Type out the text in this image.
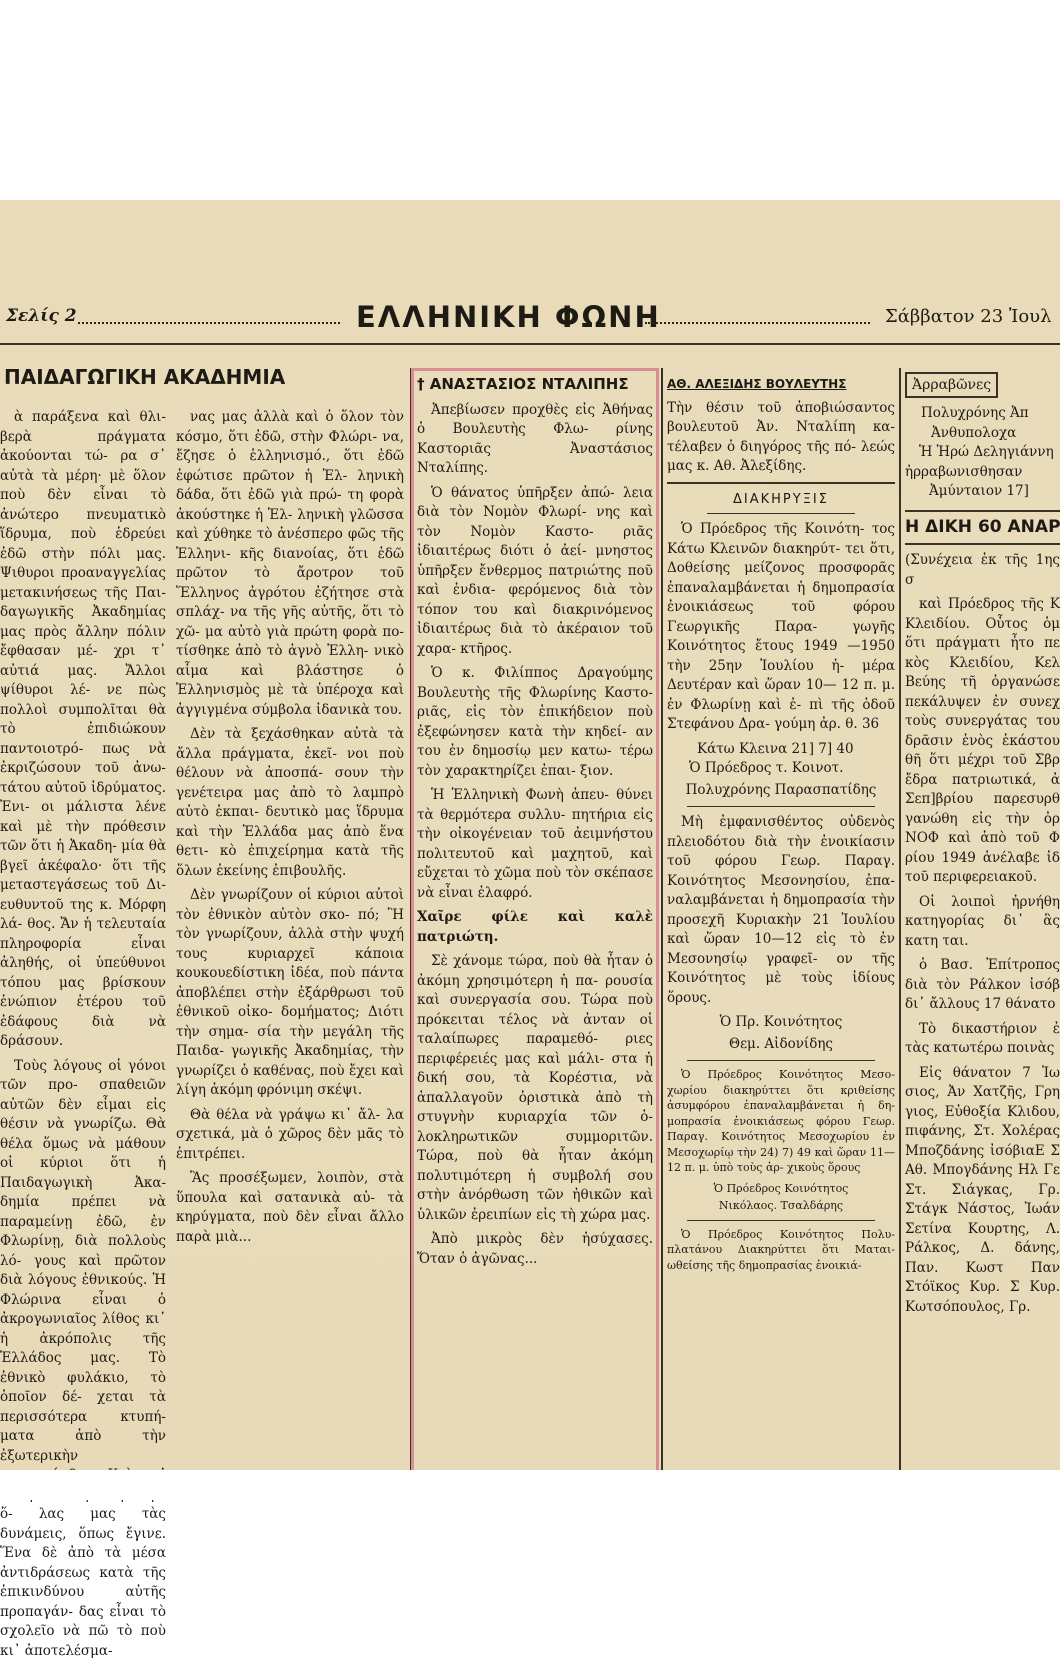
Σελίς 2	ΕΛΛΗΝΙΚΗ ΦΩΝΗ	Σάββατον 23 Ἰουλ
ΠΑΙΔΑΓΩΓΙΚΗ ΑΚΑΔΗΜΙΑ

ὰ παράξενα καὶ θλι- βερὰ πράγματα ἀκούονται τώ- ρα σ᾿ αὐτὰ τὰ μέρη· μὲ ὅλον ποὺ δὲν εἶναι τὸ ἀνώτερο πνευματικὸ ἵδρυμα, ποὺ ἑδρεύει ἐδῶ στὴν πόλι μας. Ψιθυροι προαναγγελίας μετακινήσεως τῆς Παι- δαγωγικῆς Ἀκαδημίας μας πρὸς ἄλλην πόλιν ἔφθασαν μέ- χρι τ᾿ αὐτιά μας. Ἄλλοι ψίθυροι λέ- νε πὼς πολλοὶ συμπολῖται θὰ τὸ ἐπιδιώκουν παντοιοτρό- πως νὰ ἐκριζώσουν τοῦ ἀνω- τάτου αὐτοῦ ἱδρύματος. Ἐνι- οι μάλιστα λένε καὶ μὲ τὴν πρόθεσιν τῶν ὅτι ἡ Ἀκαδη- μία θὰ βγεῖ ἀκέφαλο· ὅτι τῆς μεταστεγάσεως τοῦ Δι- ευθυντοῦ της κ. Μόρφη λά- θος. Ἄν ἡ τελευταία πληροφορία εἶναι ἀληθής, οἱ ὑπεύθυνοι τόπου μας βρίσκουν ἐνώπιον ἑτέρου τοῦ ἐδάφους διὰ νὰ δράσουν.

Τοὺς λόγους οἱ γόνοι τῶν προ- σπαθειῶν αὐτῶν δὲν εἶμαι εἰς θέσιν νὰ γνωρίζω. Θὰ θέλα ὅμως νὰ μάθουν οἱ κύριοι ὅτι ἡ Παιδαγωγικὴ Ἀκα- δημία πρέπει νὰ παραμείνῃ ἐδῶ, ἐν Φλωρίνῃ, διὰ πολλοὺς λό- γους καὶ πρῶτον διὰ λόγους ἐθνικούς. Ἡ Φλώρινα εἶναι ὁ ἀκρογωνιαῖος λίθος κι᾿ ἡ ἀκρόπολις τῆς Ἑλλάδος μας. Τὸ ἐθνικὸ φυλάκιο, τὸ ὁποῖον δέ- χεται τὰ περισσότερα κτυπή- ματα ἀπὸ τὴν ἐξωτερικὴν ὅ- λας μας τὰς δυνάμεις, ὅπως ἔγινε. Ἕνα δὲ ἀπὸ τὰ μέσα ἀντιδράσεως κατὰ τῆς ἐπικινδύνου αὐτῆς προπαγάν- δας εἶναι τὸ σχολεῖο νὰ πῶ τὸ ποὺ κι᾿ ἀποτελέσμα-

νας μας ἀλλὰ καὶ ὁ ὅλον τὸν κόσμο, ὅτι ἐδῶ, στὴν Φλώρι- να, ἔζησε ὁ ἑλληνισμό., ὅτι ἐδῶ ἐφώτισε πρῶτον ἡ Ἑλ- ληνικὴ δάδα, ὅτι ἐδῶ γιὰ πρώ- τη φορὰ ἀκούστηκε ἡ Ἑλ- ληνικὴ γλῶσσα καὶ χύθηκε τὸ ἀνέσπερο φῶς τῆς Ἑλληνι- κῆς διανοίας, ὅτι ἐδῶ πρῶτον τὸ ἄροτρον τοῦ Ἕλληνος ἀγρότου ἐζήτησε στὰ σπλάχ- να τῆς γῆς αὐτῆς, ὅτι τὸ χῶ- μα αὐτὸ γιὰ πρώτη φορὰ πο- τίσθηκε ἀπὸ τὸ ἁγνὸ Ἑλλη- νικὸ αἷμα καὶ βλάστησε ὁ Ἑλληνισμὸς μὲ τὰ ὑπέροχα καὶ ἀγγιγμένα σύμβολα ἰδανικὰ του.

Δὲν τὰ ξεχάσθηκαν αὐτὰ τὰ ἄλλα πράγματα, ἐκεῖ- νοι ποὺ θέλουν νὰ ἀποσπά- σουν τὴν γενέτειρα μας ἀπὸ τὸ λαμπρὸ αὐτὸ ἐκπαι- δευτικὸ μας ἵδρυμα καὶ τὴν Ἑλλάδα μας ἀπὸ ἕνα θετι- κὸ ἐπιχείρημα κατὰ τῆς ὅλων ἐκείνης ἐπιβουλῆς.

Δὲν γνωρίζουν οἱ κύριοι αὐτοὶ τὸν ἐθνικὸν αὐτὸν σκο- πό; Ἢ τὸν γνωρίζουν, ἀλλὰ στὴν ψυχή τους κυριαρχεῖ κάποια κουκουεδίστικη ἰδέα, ποὺ πάντα ἀποβλέπει στὴν ἐξάρθρωσι τοῦ ἐθνικοῦ οἰκο- δομήματος; Διότι τὴν σημα- σία τὴν μεγάλη τῆς Παιδα- γωγικῆς Ἀκαδημίας, τὴν γνωρίζει ὁ καθένας, ποὺ ἔχει καὶ λίγη ἀκόμη φρόνιμη σκέψι.

Θὰ θέλα νὰ γράψω κι᾿ ἄλ- λα σχετικά, μὰ ὁ χῶρος δὲν μᾶς τὸ ἐπιτρέπει.

Ἂς προσέξωμεν, λοιπὸν, στὰ ὕπουλα καὶ σατανικὰ αὐ- τὰ κηρύγματα, ποὺ δὲν εἶναι ἄλλο παρὰ μιὰ...

† ΑΝΑΣΤΑΣΙΟΣ ΝΤΑΛΙΠΗΣ

Ἀπεβίωσεν προχθὲς εἰς Ἀθήνας ὁ Βουλευτὴς Φλω- ρίνης Καστοριᾶς Ἀναστάσιος Νταλίπης.

Ὁ θάνατος ὑπῆρξεν ἀπώ- λεια διὰ τὸν Νομὸν Φλωρί- νης καὶ τὸν Νομὸν Καστο- ριᾶς ἰδιαιτέρως διότι ὁ ἀεί- μνηστος ὑπῆρξεν ἔνθερμος πατριώτης ποῦ καὶ ἐνδια- φερόμενος διὰ τὸν τόπον του καὶ διακρινόμενος ἰδιαιτέρως διὰ τὸ ἀκέραιον τοῦ χαρα- κτῆρος.

Ὁ κ. Φιλίππος Δραγούμης Βουλευτὴς τῆς Φλωρίνης Καστο- ριᾶς, εἰς τὸν ἐπικήδειον ποὺ ἐξεφώνησεν κατὰ τὴν κηδεί- αν του ἐν δημοσίῳ μεν κατω- τέρω τὸν χαρακτηρίζει ἐπαι- ξιον.

Ἡ Ἑλληνικὴ Φωνὴ ἀπευ- θύνει τὰ θερμότερα συλλυ- πητήρια εἰς τὴν οἰκογένειαν τοῦ ἀειμνήστου πολιτευτοῦ καὶ μαχητοῦ, καὶ εὔχεται τὸ χῶμα ποὺ τὸν σκέπασε νὰ εἶναι ἐλαφρό.

Χαῖρε φίλε καὶ καλὲ πατριώτη.

Σὲ χάνομε τώρα, ποὺ θὰ ἦταν ὁ ἀκόμη χρησιμότερη ἡ πα- ρουσία καὶ συνεργασία σου. Τώρα ποὺ πρόκειται τέλος νὰ ἀνταν οἱ ταλαίπωρες παραμεθό- ριες περιφέρειές μας καὶ μάλι- στα ἡ δική σου, τὰ Κορέστια, νὰ ἀπαλλαγοῦν ὁριστικὰ ἀπὸ τὴ στυγνὴν κυριαρχία τῶν ὁ- λοκληρωτικῶν συμμοριτῶν. Τώρα, ποὺ θὰ ἦταν ἀκόμη πολυτιμότερη ἡ συμβολή σου στὴν ἀνόρθωση τῶν ἠθικῶν καὶ ὑλικῶν ἐρειπίων εἰς τὴ χώρα μας.

Ἀπὸ μικρὸς δὲν ἡσύχασες. Ὅταν ὁ ἀγῶνας...

ΑΘ. ΑΛΕΞΙΔΗΣ ΒΟΥΛΕΥΤΗΣ

Τὴν θέσιν τοῦ ἀποβιώσαντος βουλευτοῦ Ἀν. Νταλίπη κα- τέλαβεν ὁ διηγόρος τῆς πό- λεώς μας κ. Αθ. Ἀλεξίδης.

ΔΙΑΚΗΡΥΞΙΣ

Ὁ Πρόεδρος τῆς Κοινότη- τος Κάτω Κλεινῶν διακηρύτ- τει ὅτι, Δοθείσης μείζονος προσφορᾶς ἐπαναλαμβάνεται ἡ δημοπρασία ἐνοικιάσεως τοῦ φόρου Γεωργικῆς Παρα- γωγῆς Κοινότητος ἔτους 1949 —1950 τὴν 25ην Ἰουλίου ἡ- μέρα Δευτέραν καὶ ὥραν 10— 12 π. μ. ἐν Φλωρίνῃ καὶ ἐ- πὶ τῆς ὁδοῦ Στεφάνου Δρα- γούμη ἀρ. θ. 36

Κάτω Κλεινα 21] 7] 40

Ὁ Πρόεδρος τ. Κοινοτ.

Πολυχρόνης Παρασπατίδης

Μὴ ἐμφανισθέντος οὐδενὸς πλειοδότου διὰ τὴν ἐνοικίασιν τοῦ φόρου Γεωρ. Παραγ. Κοινότητος Μεσονησίου, ἐπα- ναλαμβάνεται ἡ δημοπρασία τὴν προσεχῆ Κυριακὴν 21 Ἰουλίου καὶ ὥραν 10—12 εἰς τὸ ἐν Μεσονησίῳ γραφεῖ- ον τῆς Κοινότητος μὲ τοὺς ἰδίους ὅρους.

Ὁ Πρ. Κοινότητος
Θεμ. Αἰδονίδης

Ὁ Πρόεδρος Κοινότητος Μεσο- χωρίου διακηρύττει ὅτι κριθείσης ἀσυμφόρου ἐπαναλαμβάνεται ἡ δη- μοπρασία ἐνοικιάσεως φόρου Γεωρ. Παραγ. Κοινότητος Μεσοχωρίου ἐν Μεσοχωρίῳ τὴν 24) 7) 49 καὶ ὥραν 11—12 π. μ. ὑπὸ τοὺς ἀρ- χικοὺς ὅρους

Ὁ Πρόεδρος Κοινότητος
Νικόλαος. Τσαλδάρης

Ὁ Πρόεδρος Κοινότητος Πολυ- πλατάνου Διακηρύττει ὅτι Μαται- ωθείσης τῆς δημοπρασίας ἐνοικιά-

Ἀρραβῶνες
Πολυχρόνης Ἀπ
Ἀνθυπολοχα
Ἡ Ἡρώ Δεληγιάννη
ἠρραβωνισθησαν
Ἀμύνταιον 17]
Η ΔΙΚΗ 60 ΑΝΑΡ

(Συνέχεια ἐκ τῆς 1ης σ

καὶ Πρόεδρος τῆς Κ Κλειδίου. Οὗτος ὁμ ὅτι πράγματι ἦτο πε κὸς Κλειδίου, Κελ Βεύης τῆ ὀργανώσε πεκάλυψεν ἐν συνεχ τοὺς συνεργάτας του δρᾶσιν ἑνὸς ἑκάστου θῆ ὅτι μέχρι τοῦ Σβρ ἔδρα πατριωτικά, ἀ Σεπ]βρίου παρεσυρθ γανώθη εἰς τὴν ὀρ ΝΟΦ καὶ ἀπὸ τοῦ Φ ρίου 1949 ἀνέλαβε ἰδ τοῦ περιφερειακοῦ.

Οἱ λοιποὶ ἠρνήθη κατηγορίας δι᾿ ἃς κατη ται.

ὁ Βασ. Ἐπίτροπος διὰ τὸν Ράλκον ἰσόβ δι᾿ ἄλλους 17 θάνατο

Τὸ δικαστήριον ἐ τὰς κατωτέρω ποινὰς

Εἰς θάνατον 7 Ἰω σιος, Ἀν Χατζῆς, Γρη γιος, Εὐθοξία Κλιδου, πιφάνης, Στ. Χολέρας Μποζδάνης ἰσόβιαΕ Σ Αθ. Μπογδάνης Ηλ Γε Στ. Σιάγκας, Γρ. Στάγκ Νάστος, Ἰωάν Σετίνα Κουρτης, Λ. Ράλκος, Δ. δάνης, Παν. Κωστ Παν Στόϊκος Κυρ. Σ Κυρ. Κωτσόπουλος, Γρ.
